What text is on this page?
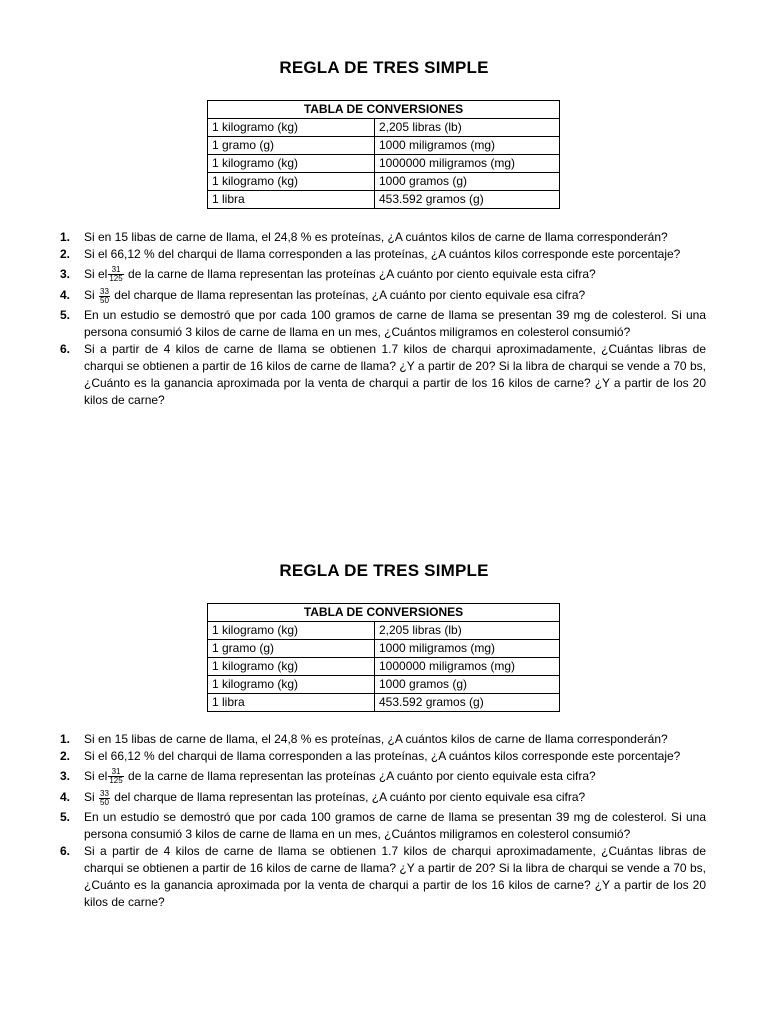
REGLA DE TRES SIMPLE
TABLA DE CONVERSIONES	
1 kilogramo (kg)	2,205 libras (lb)
1 gramo (g)	1000 miligramos (mg)
1 kilogramo (kg)	1000000 miligramos (mg)
1 kilogramo (kg)	1000 gramos (g)
1 libra	453.592 gramos (g)
1. Si en 15 libas de carne de llama, el 24,8 % es proteínas, ¿A cuántos kilos de carne de llama corresponderán?
2. Si el 66,12 % del charqui de llama corresponden a las proteínas, ¿A cuántos kilos corresponde este porcentaje?
3. Si el $\frac{31}{125}$ de la carne de llama representan las proteínas ¿A cuánto por ciento equivale esta cifra?
4. Si $\frac{33}{50}$ del charque de llama representan las proteínas, ¿A cuánto por ciento equivale esa cifra?
5. En un estudio se demostró que por cada 100 gramos de carne de llama se presentan 39 mg de colesterol. Si una persona consumió 3 kilos de carne de llama en un mes, ¿Cuántos miligramos en colesterol consumió?
6. Si a partir de 4 kilos de carne de llama se obtienen 1.7 kilos de charqui aproximadamente, ¿Cuántas libras de charqui se obtienen a partir de 16 kilos de carne de llama? ¿Y a partir de 20? Si la libra de charqui se vende a 70 bs, ¿Cuánto es la ganancia aproximada por la venta de charqui a partir de los 16 kilos de carne? ¿Y a partir de los 20 kilos de carne?
REGLA DE TRES SIMPLE
TABLA DE CONVERSIONES	
1 kilogramo (kg)	2,205 libras (lb)
1 gramo (g)	1000 miligramos (mg)
1 kilogramo (kg)	1000000 miligramos (mg)
1 kilogramo (kg)	1000 gramos (g)
1 libra	453.592 gramos (g)
1. Si en 15 libas de carne de llama, el 24,8 % es proteínas, ¿A cuántos kilos de carne de llama corresponderán?
2. Si el 66,12 % del charqui de llama corresponden a las proteínas, ¿A cuántos kilos corresponde este porcentaje?
3. Si el $\frac{31}{125}$ de la carne de llama representan las proteínas ¿A cuánto por ciento equivale esta cifra?
4. Si $\frac{33}{50}$ del charque de llama representan las proteínas, ¿A cuánto por ciento equivale esa cifra?
5. En un estudio se demostró que por cada 100 gramos de carne de llama se presentan 39 mg de colesterol. Si una persona consumió 3 kilos de carne de llama en un mes, ¿Cuántos miligramos en colesterol consumió?
6. Si a partir de 4 kilos de carne de llama se obtienen 1.7 kilos de charqui aproximadamente, ¿Cuántas libras de charqui se obtienen a partir de 16 kilos de carne de llama? ¿Y a partir de 20? Si la libra de charqui se vende a 70 bs, ¿Cuánto es la ganancia aproximada por la venta de charqui a partir de los 16 kilos de carne? ¿Y a partir de los 20 kilos de carne?
